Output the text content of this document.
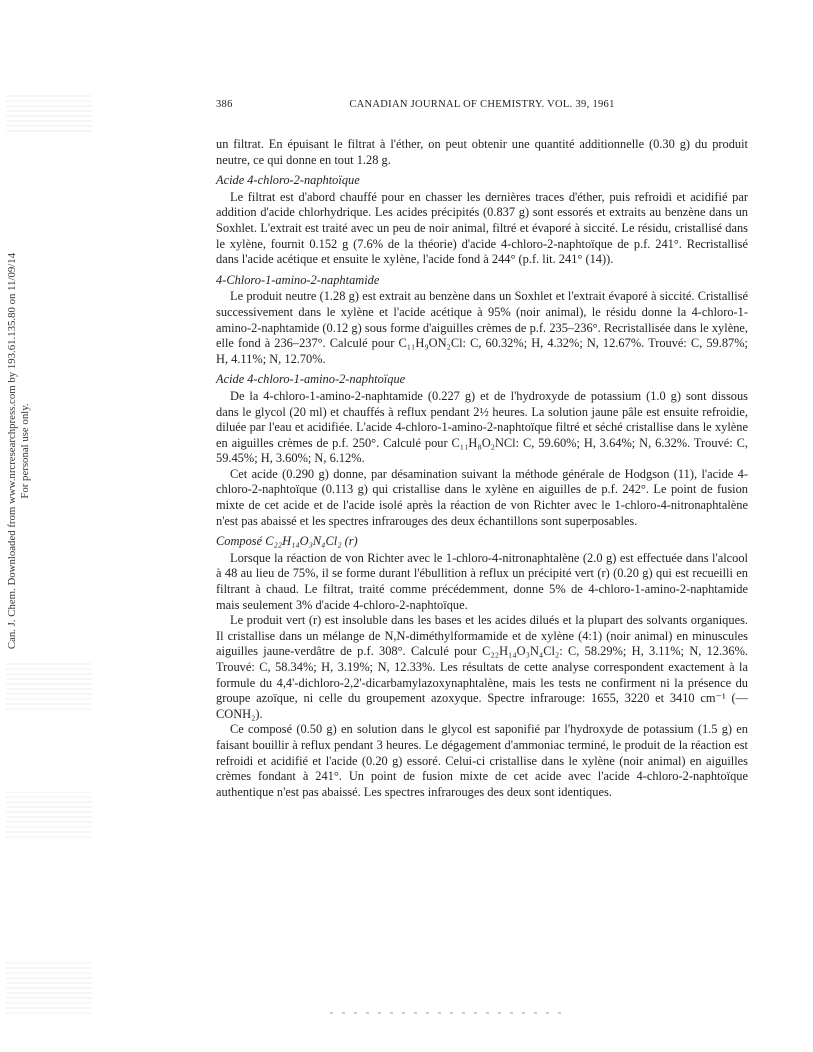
Can. J. Chem. Downloaded from www.nrcresearchpress.com by 193.61.135.80 on 11/09/14 For personal use only.
386	CANADIAN JOURNAL OF CHEMISTRY. VOL. 39, 1961

un filtrat. En épuisant le filtrat à l'éther, on peut obtenir une quantité additionnelle (0.30 g) du produit neutre, ce qui donne en tout 1.28 g.

Acide 4-chloro-2-naphtoïque

Le filtrat est d'abord chauffé pour en chasser les dernières traces d'éther, puis refroidi et acidifié par addition d'acide chlorhydrique. Les acides précipités (0.837 g) sont essorés et extraits au benzène dans un Soxhlet. L'extrait est traité avec un peu de noir animal, filtré et évaporé à siccité. Le résidu, cristallisé dans le xylène, fournit 0.152 g (7.6% de la théorie) d'acide 4-chloro-2-naphtoïque de p.f. 241°. Recristallisé dans l'acide acétique et ensuite le xylène, l'acide fond à 244° (p.f. lit. 241° (14)).

4-Chloro-1-amino-2-naphtamide

Le produit neutre (1.28 g) est extrait au benzène dans un Soxhlet et l'extrait évaporé à siccité. Cristallisé successivement dans le xylène et l'acide acétique à 95% (noir animal), le résidu donne la 4-chloro-1-amino-2-naphtamide (0.12 g) sous forme d'aiguilles crèmes de p.f. 235–236°. Recristallisée dans le xylène, elle fond à 236–237°. Calculé pour C₁₁H₉ON₂Cl: C, 60.32%; H, 4.32%; N, 12.67%. Trouvé: C, 59.87%; H, 4.11%; N, 12.70%.

Acide 4-chloro-1-amino-2-naphtoïque

De la 4-chloro-1-amino-2-naphtamide (0.227 g) et de l'hydroxyde de potassium (1.0 g) sont dissous dans le glycol (20 ml) et chauffés à reflux pendant 2½ heures. La solution jaune pâle est ensuite refroidie, diluée par l'eau et acidifiée. L'acide 4-chloro-1-amino-2-naphtoïque filtré et séché cristallise dans le xylène en aiguilles crèmes de p.f. 250°. Calculé pour C₁₁H₈O₂NCl: C, 59.60%; H, 3.64%; N, 6.32%. Trouvé: C, 59.45%; H, 3.60%; N, 6.12%.

Cet acide (0.290 g) donne, par désamination suivant la méthode générale de Hodgson (11), l'acide 4-chloro-2-naphtoïque (0.113 g) qui cristallise dans le xylène en aiguilles de p.f. 242°. Le point de fusion mixte de cet acide et de l'acide isolé après la réaction de von Richter avec le 1-chloro-4-nitronaphtalène n'est pas abaissé et les spectres infrarouges des deux échantillons sont superposables.

Composé C₂₂H₁₄O₃N₄Cl₂ (r)

Lorsque la réaction de von Richter avec le 1-chloro-4-nitronaphtalène (2.0 g) est effectuée dans l'alcool à 48 au lieu de 75%, il se forme durant l'ébullition à reflux un précipité vert (r) (0.20 g) qui est recueilli en filtrant à chaud. Le filtrat, traité comme précédemment, donne 5% de 4-chloro-1-amino-2-naphtamide mais seulement 3% d'acide 4-chloro-2-naphtoïque.

Le produit vert (r) est insoluble dans les bases et les acides dilués et la plupart des solvants organiques. Il cristallise dans un mélange de N,N-diméthylformamide et de xylène (4:1) (noir animal) en minuscules aiguilles jaune-verdâtre de p.f. 308°. Calculé pour C₂₂H₁₄O₃N₄Cl₂: C, 58.29%; H, 3.11%; N, 12.36%. Trouvé: C, 58.34%; H, 3.19%; N, 12.33%. Les résultats de cette analyse correspondent exactement à la formule du 4,4'-dichloro-2,2'-dicarbamylazoxynaphtalène, mais les tests ne confirment ni la présence du groupe azoïque, ni celle du groupement azoxyque. Spectre infrarouge: 1655, 3220 et 3410 cm⁻¹ (—CONH₂).

Ce composé (0.50 g) en solution dans le glycol est saponifié par l'hydroxyde de potassium (1.5 g) en faisant bouillir à reflux pendant 3 heures. Le dégagement d'ammoniac terminé, le produit de la réaction est refroidi et acidifié et l'acide (0.20 g) essoré. Celui-ci cristallise dans le xylène (noir animal) en aiguilles crèmes fondant à 241°. Un point de fusion mixte de cet acide avec l'acide 4-chloro-2-naphtoïque authentique n'est pas abaissé. Les spectres infrarouges des deux sont identiques.
